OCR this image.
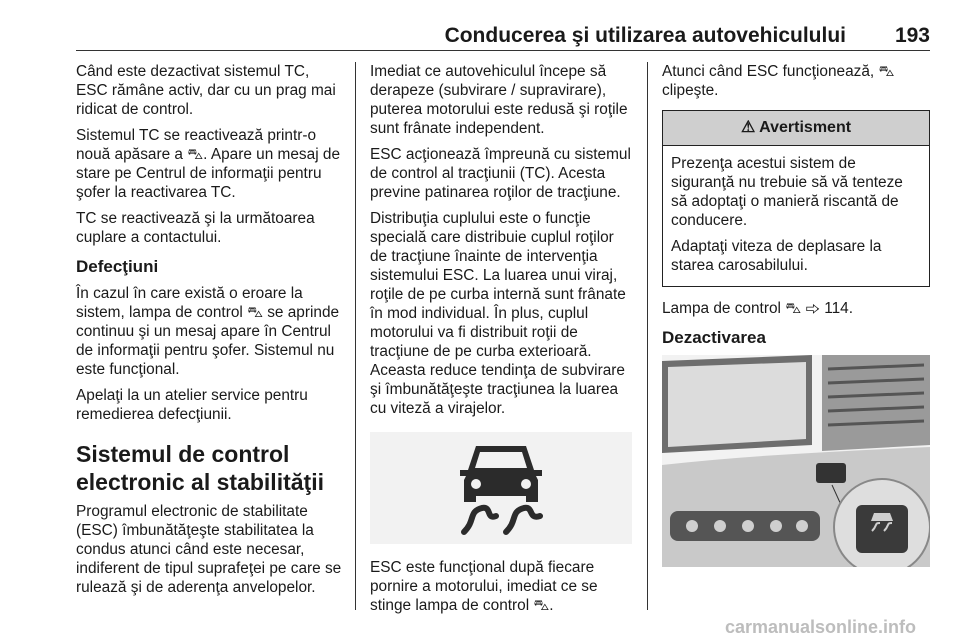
Conducerea şi utilizarea autovehiculului 193

Când este dezactivat sistemul TC, ESC rămâne activ, dar cu un prag mai ridicat de control.

Sistemul TC se reactivează printr-o nouă apăsare a ⛍. Apare un mesaj de stare pe Centrul de informaţii pentru şofer la reactivarea TC.

TC se reactivează şi la următoarea cuplare a contactului.

Defecţiuni

În cazul în care există o eroare la sistem, lampa de control ⛍ se aprinde continuu şi un mesaj apare în Centrul de informaţii pentru şofer. Sistemul nu este funcţional.

Apelaţi la un atelier service pentru remedierea defecţiunii.

Sistemul de control electronic al stabilităţii

Programul electronic de stabilitate (ESC) îmbunătăţeşte stabilitatea la condus atunci când este necesar, indiferent de tipul suprafeţei pe care se rulează şi de aderenţa anvelopelor.

Imediat ce autovehiculul începe să derapeze (subvirare / supravirare), puterea motorului este redusă şi roţile sunt frânate independent.

ESC acţionează împreună cu sistemul de control al tracţiunii (TC). Acesta previne patinarea roţilor de tracţiune.

Distribuţia cuplului este o funcţie specială care distribuie cuplul roţilor de tracţiune înainte de intervenţia sistemului ESC. La luarea unui viraj, roţile de pe curba internă sunt frânate în mod individual. În plus, cuplul motorului va fi distribuit roţii de tracţiune de pe curba exterioară. Aceasta reduce tendinţa de subvirare şi îmbunătăţeşte tracţiunea la luarea cu viteză a virajelor.

ESC este funcţional după fiecare pornire a motorului, imediat ce se stinge lampa de control ⛍.

Atunci când ESC funcţionează, ⛍ clipeşte.

⚠ Avertisment

Prezenţa acestui sistem de siguranţă nu trebuie să vă tenteze să adoptaţi o manieră riscantă de conducere.

Adaptaţi viteza de deplasare la starea carosabilului.

Lampa de control ⛍ ⇨ 114.

Dezactivarea
carmanualsonline.info
